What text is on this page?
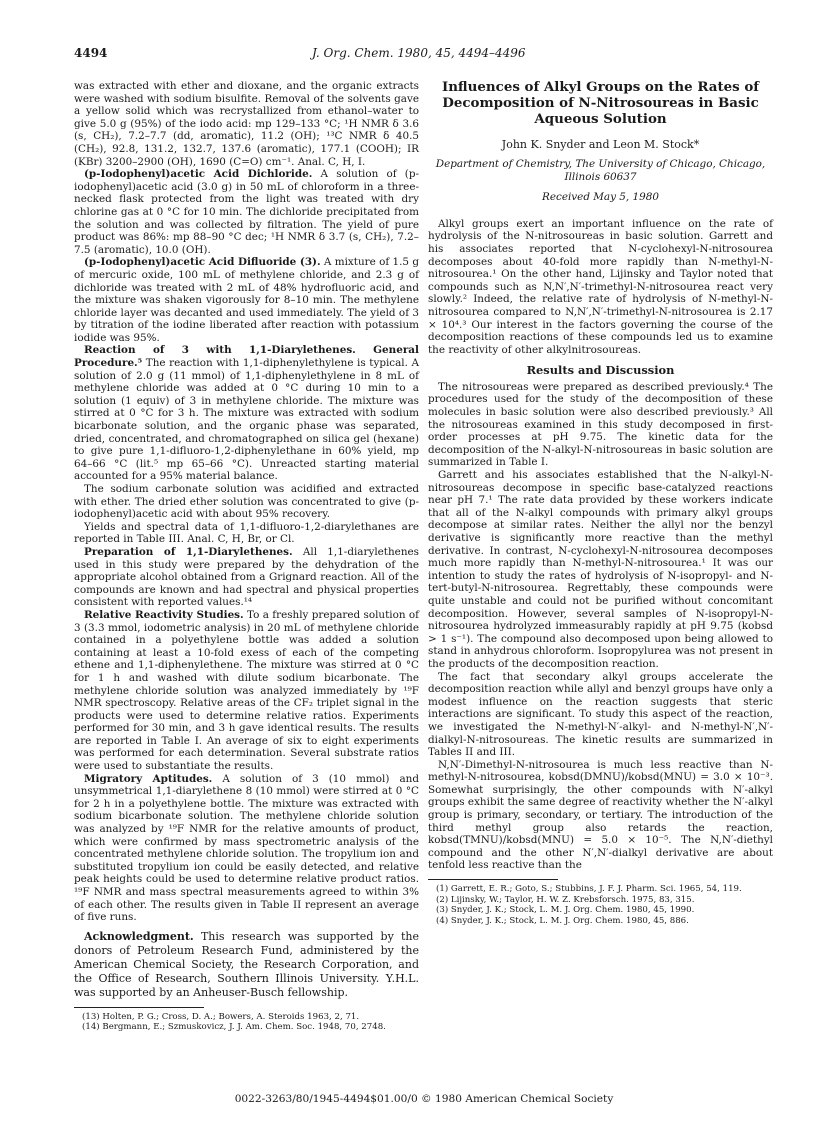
4494	J. Org. Chem. 1980, 45, 4494–4496

was extracted with ether and dioxane, and the organic extracts were washed with sodium bisulfite. Removal of the solvents gave a yellow solid which was recrystallized from ethanol–water to give 5.0 g (95%) of the iodo acid: mp 129–133 °C; ¹H NMR δ 3.6 (s, CH₂), 7.2–7.7 (dd, aromatic), 11.2 (OH); ¹³C NMR δ 40.5 (CH₂), 92.8, 131.2, 132.7, 137.6 (aromatic), 177.1 (COOH); IR (KBr) 3200–2900 (OH), 1690 (C=O) cm⁻¹. Anal. C, H, I.

(p-Iodophenyl)acetic Acid Dichloride. A solution of (p-iodophenyl)acetic acid (3.0 g) in 50 mL of chloroform in a three-necked flask protected from the light was treated with dry chlorine gas at 0 °C for 10 min. The dichloride precipitated from the solution and was collected by filtration. The yield of pure product was 86%: mp 88–90 °C dec; ¹H NMR δ 3.7 (s, CH₂), 7.2–7.5 (aromatic), 10.0 (OH).

(p-Iodophenyl)acetic Acid Difluoride (3). A mixture of 1.5 g of mercuric oxide, 100 mL of methylene chloride, and 2.3 g of dichloride was treated with 2 mL of 48% hydrofluoric acid, and the mixture was shaken vigorously for 8–10 min. The methylene chloride layer was decanted and used immediately. The yield of 3 by titration of the iodine liberated after reaction with potassium iodide was 95%.

Reaction of 3 with 1,1-Diarylethenes. General Procedure.⁵ The reaction with 1,1-diphenylethylene is typical. A solution of 2.0 g (11 mmol) of 1,1-diphenylethylene in 8 mL of methylene chloride was added at 0 °C during 10 min to a solution (1 equiv) of 3 in methylene chloride. The mixture was stirred at 0 °C for 3 h. The mixture was extracted with sodium bicarbonate solution, and the organic phase was separated, dried, concentrated, and chromatographed on silica gel (hexane) to give pure 1,1-difluoro-1,2-diphenylethane in 60% yield, mp 64–66 °C (lit.⁵ mp 65–66 °C). Unreacted starting material accounted for a 95% material balance.

The sodium carbonate solution was acidified and extracted with ether. The dried ether solution was concentrated to give (p-iodophenyl)acetic acid with about 95% recovery.

Yields and spectral data of 1,1-difluoro-1,2-diarylethanes are reported in Table III. Anal. C, H, Br, or Cl.

Preparation of 1,1-Diarylethenes. All 1,1-diarylethenes used in this study were prepared by the dehydration of the appropriate alcohol obtained from a Grignard reaction. All of the compounds are known and had spectral and physical properties consistent with reported values.¹⁴

Relative Reactivity Studies. To a freshly prepared solution of 3 (3.3 mmol, iodometric analysis) in 20 mL of methylene chloride contained in a polyethylene bottle was added a solution containing at least a 10-fold exess of each of the competing ethene and 1,1-diphenylethene. The mixture was stirred at 0 °C for 1 h and washed with dilute sodium bicarbonate. The methylene chloride solution was analyzed immediately by ¹⁹F NMR spectroscopy. Relative areas of the CF₂ triplet signal in the products were used to determine relative ratios. Experiments performed for 30 min, and 3 h gave identical results. The results are reported in Table I. An average of six to eight experiments was performed for each determination. Several substrate ratios were used to substantiate the results.

Migratory Aptitudes. A solution of 3 (10 mmol) and unsymmetrical 1,1-diarylethene 8 (10 mmol) were stirred at 0 °C for 2 h in a polyethylene bottle. The mixture was extracted with sodium bicarbonate solution. The methylene chloride solution was analyzed by ¹⁹F NMR for the relative amounts of product, which were confirmed by mass spectrometric analysis of the concentrated methylene chloride solution. The tropylium ion and substituted tropylium ion could be easily detected, and relative peak heights could be used to determine relative product ratios. ¹⁹F NMR and mass spectral measurements agreed to within 3% of each other. The results given in Table II represent an average of five runs.

Acknowledgment. This research was supported by the donors of Petroleum Research Fund, administered by the American Chemical Society, the Research Corporation, and the Office of Research, Southern Illinois University. Y.H.L. was supported by an Anheuser-Busch fellowship.

(13) Holten, P. G.; Cross, D. A.; Bowers, A. Steroids 1963, 2, 71.

(14) Bergmann, E.; Szmuskovicz, J. J. Am. Chem. Soc. 1948, 70, 2748.

Influences of Alkyl Groups on the Rates of Decomposition of N-Nitrosoureas in Basic Aqueous Solution
John K. Snyder and Leon M. Stock*
Department of Chemistry, The University of Chicago, Chicago, Illinois 60637
Received May 5, 1980

Alkyl groups exert an important influence on the rate of hydrolysis of the N-nitrosoureas in basic solution. Garrett and his associates reported that N-cyclohexyl-N-nitrosourea decomposes about 40-fold more rapidly than N-methyl-N-nitrosourea.¹ On the other hand, Lijinsky and Taylor noted that compounds such as N,N′,N′-trimethyl-N-nitrosourea react very slowly.² Indeed, the relative rate of hydrolysis of N-methyl-N-nitrosourea compared to N,N′,N′-trimethyl-N-nitrosourea is 2.17 × 10⁴.³ Our interest in the factors governing the course of the decomposition reactions of these compounds led us to examine the reactivity of other alkylnitrosoureas.

Results and Discussion

The nitrosoureas were prepared as described previously.⁴ The procedures used for the study of the decomposition of these molecules in basic solution were also described previously.³ All the nitrosoureas examined in this study decomposed in first-order processes at pH 9.75. The kinetic data for the decomposition of the N-alkyl-N-nitrosoureas in basic solution are summarized in Table I.

Garrett and his associates established that the N-alkyl-N-nitrosoureas decompose in specific base-catalyzed reactions near pH 7.¹ The rate data provided by these workers indicate that all of the N-alkyl compounds with primary alkyl groups decompose at similar rates. Neither the allyl nor the benzyl derivative is significantly more reactive than the methyl derivative. In contrast, N-cyclohexyl-N-nitrosourea decomposes much more rapidly than N-methyl-N-nitrosourea.¹ It was our intention to study the rates of hydrolysis of N-isopropyl- and N-tert-butyl-N-nitrosourea. Regrettably, these compounds were quite unstable and could not be purified without concomitant decomposition. However, several samples of N-isopropyl-N-nitrosourea hydrolyzed immeasurably rapidly at pH 9.75 (kobsd > 1 s⁻¹). The compound also decomposed upon being allowed to stand in anhydrous chloroform. Isopropylurea was not present in the products of the decomposition reaction.

The fact that secondary alkyl groups accelerate the decomposition reaction while allyl and benzyl groups have only a modest influence on the reaction suggests that steric interactions are significant. To study this aspect of the reaction, we investigated the N-methyl-N′-alkyl- and N-methyl-N′,N′-dialkyl-N-nitrosoureas. The kinetic results are summarized in Tables II and III.

N,N′-Dimethyl-N-nitrosourea is much less reactive than N-methyl-N-nitrosourea, kobsd(DMNU)/kobsd(MNU) = 3.0 × 10⁻³. Somewhat surprisingly, the other compounds with N′-alkyl groups exhibit the same degree of reactivity whether the N′-alkyl group is primary, secondary, or tertiary. The introduction of the third methyl group also retards the reaction, kobsd(TMNU)/kobsd(MNU) = 5.0 × 10⁻⁵. The N,N′-diethyl compound and the other N′,N′-dialkyl derivative are about tenfold less reactive than the

(1) Garrett, E. R.; Goto, S.; Stubbins, J. F. J. Pharm. Sci. 1965, 54, 119.

(2) Lijinsky, W.; Taylor, H. W. Z. Krebsforsch. 1975, 83, 315.

(3) Snyder, J. K.; Stock, L. M. J. Org. Chem. 1980, 45, 1990.

(4) Snyder, J. K.; Stock, L. M. J. Org. Chem. 1980, 45, 886.

0022-3263/80/1945-4494$01.00/0 © 1980 American Chemical Society
